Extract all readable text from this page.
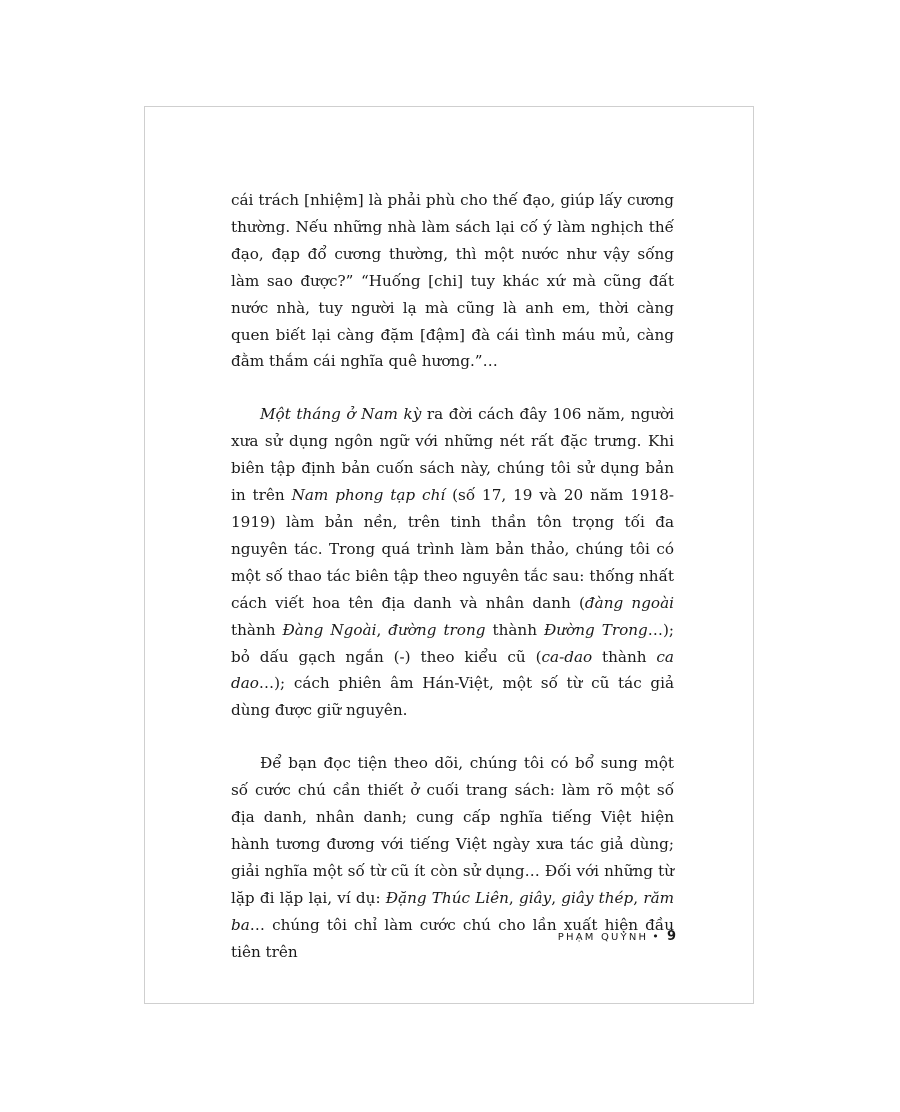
cái trách [nhiệm] là phải phù cho thế đạo, giúp lấy cương thường. Nếu những nhà làm sách lại cố ý làm nghịch thế đạo, đạp đổ cương thường, thì một nước như vậy sống làm sao được?” “Huống [chi] tuy khác xứ mà cũng đất nước nhà, tuy người lạ mà cũng là anh em, thời càng quen biết lại càng đặm [đậm] đà cái tình máu mủ, càng đằm thắm cái nghĩa quê hương.”…

Một tháng ở Nam kỳ ra đời cách đây 106 năm, người xưa sử dụng ngôn ngữ với những nét rất đặc trưng. Khi biên tập định bản cuốn sách này, chúng tôi sử dụng bản in trên Nam phong tạp chí (số 17, 19 và 20 năm 1918-1919) làm bản nền, trên tinh thần tôn trọng tối đa nguyên tác. Trong quá trình làm bản thảo, chúng tôi có một số thao tác biên tập theo nguyên tắc sau: thống nhất cách viết hoa tên địa danh và nhân danh (đàng ngoài thành Đàng Ngoài, đường trong thành Đường Trong…); bỏ dấu gạch ngắn (-) theo kiểu cũ (ca-dao thành ca dao…); cách phiên âm Hán-Việt, một số từ cũ tác giả dùng được giữ nguyên.

Để bạn đọc tiện theo dõi, chúng tôi có bổ sung một số cước chú cần thiết ở cuối trang sách: làm rõ một số địa danh, nhân danh; cung cấp nghĩa tiếng Việt hiện hành tương đương với tiếng Việt ngày xưa tác giả dùng; giải nghĩa một số từ cũ ít còn sử dụng… Đối với những từ lặp đi lặp lại, ví dụ: Đặng Thúc Liên, giây, giây thép, răm ba… chúng tôi chỉ làm cước chú cho lần xuất hiện đầu tiên trên

PHẠM QUỲNH • 9
